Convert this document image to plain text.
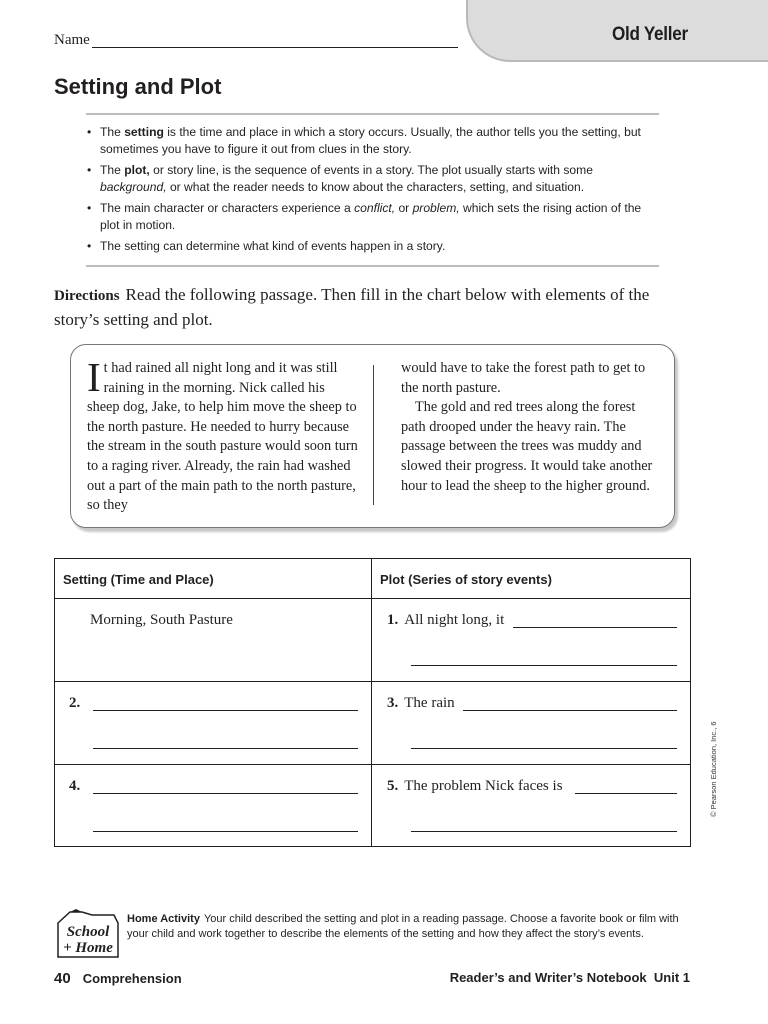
Old Yeller
Name
Setting and Plot
• The setting is the time and place in which a story occurs. Usually, the author tells you the setting, but sometimes you have to figure it out from clues in the story.
• The plot, or story line, is the sequence of events in a story. The plot usually starts with some background, or what the reader needs to know about the characters, setting, and situation.
• The main character or characters experience a conflict, or problem, which sets the rising action of the plot in motion.
• The setting can determine what kind of events happen in a story.
Directions Read the following passage. Then fill in the chart below with elements of the story’s setting and plot.
It had rained all night long and it was still raining in the morning. Nick called his sheep dog, Jake, to help him move the sheep to the north pasture. He needed to hurry because the stream in the south pasture would soon turn to a raging river. Already, the rain had washed out a part of the main path to the north pasture, so they
would have to take the forest path to get to the north pasture.
The gold and red trees along the forest path drooped under the heavy rain. The passage between the trees was muddy and slowed their progress. It would take another hour to lead the sheep to the higher ground.
Setting (Time and Place)	Plot (Series of story events)
Morning, South Pasture	1. All night long, it
2.	3. The rain
4.	5. The problem Nick faces is	© Pearson Education, Inc., 6
School
+ Home
Home Activity Your child described the setting and plot in a reading passage. Choose a favorite book or film with your child and work together to describe the elements of the setting and how they affect the story’s events.
40 Comprehension	Reader’s and Writer’s Notebook  Unit 1
